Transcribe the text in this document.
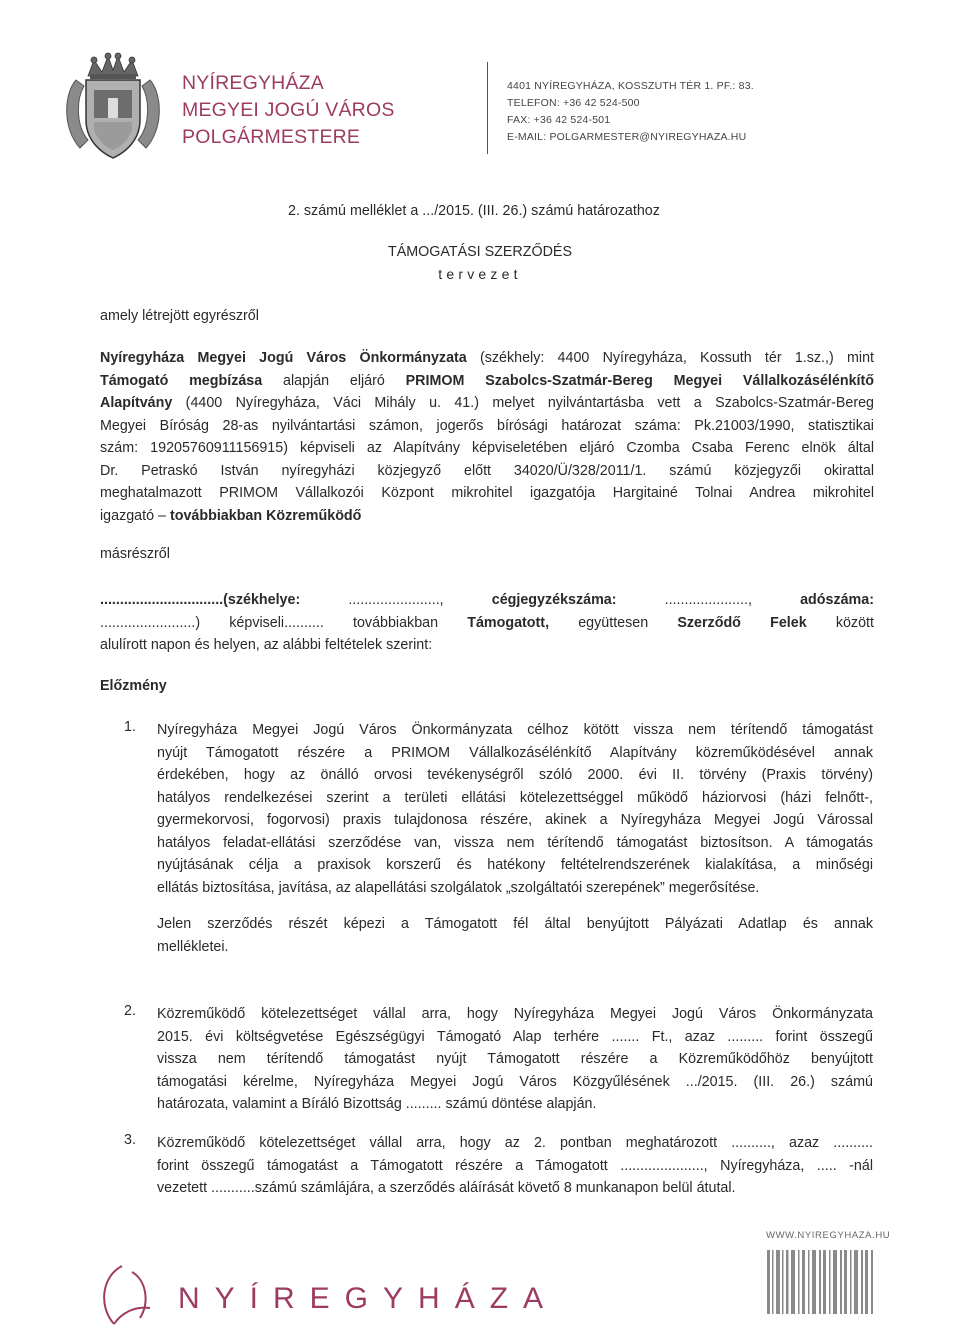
NYÍREGYHÁZA
MEGYEI JOGÚ VÁROS
POLGÁRMESTERE
4401 NYÍREGYHÁZA, KOSSZUTH TÉR 1. PF.: 83.
TELEFON: +36 42 524-500
FAX: +36 42 524-501
E-MAIL: POLGARMESTER@NYIREGYHAZA.HU
2. számú melléklet a .../2015. (III. 26.) számú határozathoz
TÁMOGATÁSI SZERZŐDÉS
tervezet
amely létrejött egyrészről
Nyíregyháza Megyei Jogú Város Önkormányzata (székhely: 4400 Nyíregyháza, Kossuth tér 1.sz.,) mint
Támogató megbízása alapján eljáró PRIMOM Szabolcs-Szatmár-Bereg Megyei Vállalkozásélénkítő
Alapítvány (4400 Nyíregyháza, Váci Mihály u. 41.) melyet nyilvántartásba vett a Szabolcs-Szatmár-Bereg
Megyei Bíróság 28-as nyilvántartási számon, jogerős bírósági határozat száma: Pk.21003/1990, statisztikai
szám: 19205760911156915) képviseli az Alapítvány képviseletében eljáró Czomba Csaba Ferenc elnök által
Dr. Petraskó István nyíregyházi közjegyző előtt 34020/Ü/328/2011/1. számú közjegyzői okirattal
meghatalmazott PRIMOM Vállalkozói Központ mikrohitel igazgatója Hargitainé Tolnai Andrea mikrohitel
igazgató – továbbiakban Közreműködő
másrészről
...............................(székhelye: ......................., cégjegyzékszáma: ....................., adószáma:
........................) képviseli.......... továbbiakban Támogatott, együttesen Szerződő Felek között
alulírott napon és helyen, az alábbi feltételek szerint:
Előzmény
1. Nyíregyháza Megyei Jogú Város Önkormányzata célhoz kötött vissza nem térítendő támogatást
nyújt Támogatott részére a PRIMOM Vállalkozásélénkítő Alapítvány közreműködésével annak
érdekében, hogy az önálló orvosi tevékenységről szóló 2000. évi II. törvény (Praxis törvény)
hatályos rendelkezései szerint a területi ellátási kötelezettséggel működő háziorvosi (házi felnőtt-,
gyermekorvosi, fogorvosi) praxis tulajdonosa részére, akinek a Nyíregyháza Megyei Jogú Várossal
hatályos feladat-ellátási szerződése van, vissza nem térítendő támogatást biztosítson. A támogatás
nyújtásának célja a praxisok korszerű és hatékony feltételrendszerének kialakítása, a minőségi
ellátás biztosítása, javítása, az alapellátási szolgálatok „szolgáltatói szerepének” megerősítése.
Jelen szerződés részét képezi a Támogatott fél által benyújtott Pályázati Adatlap és annak
mellékletei.
2. Közreműködő kötelezettséget vállal arra, hogy Nyíregyháza Megyei Jogú Város Önkormányzata
2015. évi költségvetése Egészségügyi Támogató Alap terhére ....... Ft., azaz ......... forint összegű
vissza nem térítendő támogatást nyújt Támogatott részére a Közreműködőhöz benyújtott
támogatási kérelme, Nyíregyháza Megyei Jogú Város Közgyűlésének .../2015. (III. 26.) számú
határozata, valamint a Bíráló Bizottság ......... számú döntése alapján.
3. Közreműködő kötelezettséget vállal arra, hogy az 2. pontban meghatározott .........., azaz ..........
forint összegű támogatást a Támogatott részére a Támogatott ....................., Nyíregyháza, ..... -nál
vezetett ...........számú számlájára, a szerződés aláírását követő 8 munkanapon belül átutal.
WWW.NYIREGYHAZA.HU
NYÍREGYHÁZA
